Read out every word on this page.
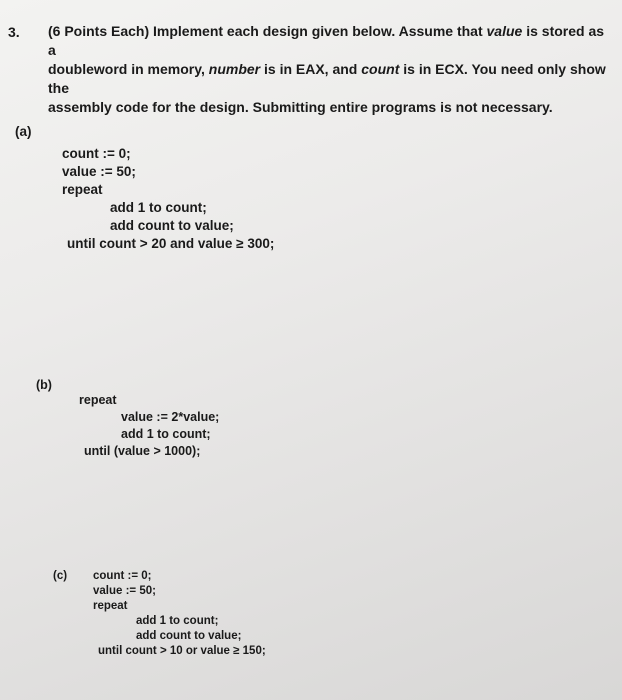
3. (6 Points Each) Implement each design given below. Assume that value is stored as a

doubleword in memory, number is in EAX, and count is in ECX. You need only show the

assembly code for the design. Submitting entire programs is not necessary.

(a)
count := 0;
value := 50;
repeat
add 1 to count;
add count to value;
until count > 20 and value ≥ 300;
(b)
repeat
value := 2*value;
add 1 to count;
until (value > 1000);
(c) count := 0;
value := 50;
repeat
add 1 to count;
add count to value;
until count > 10 or value ≥ 150;
